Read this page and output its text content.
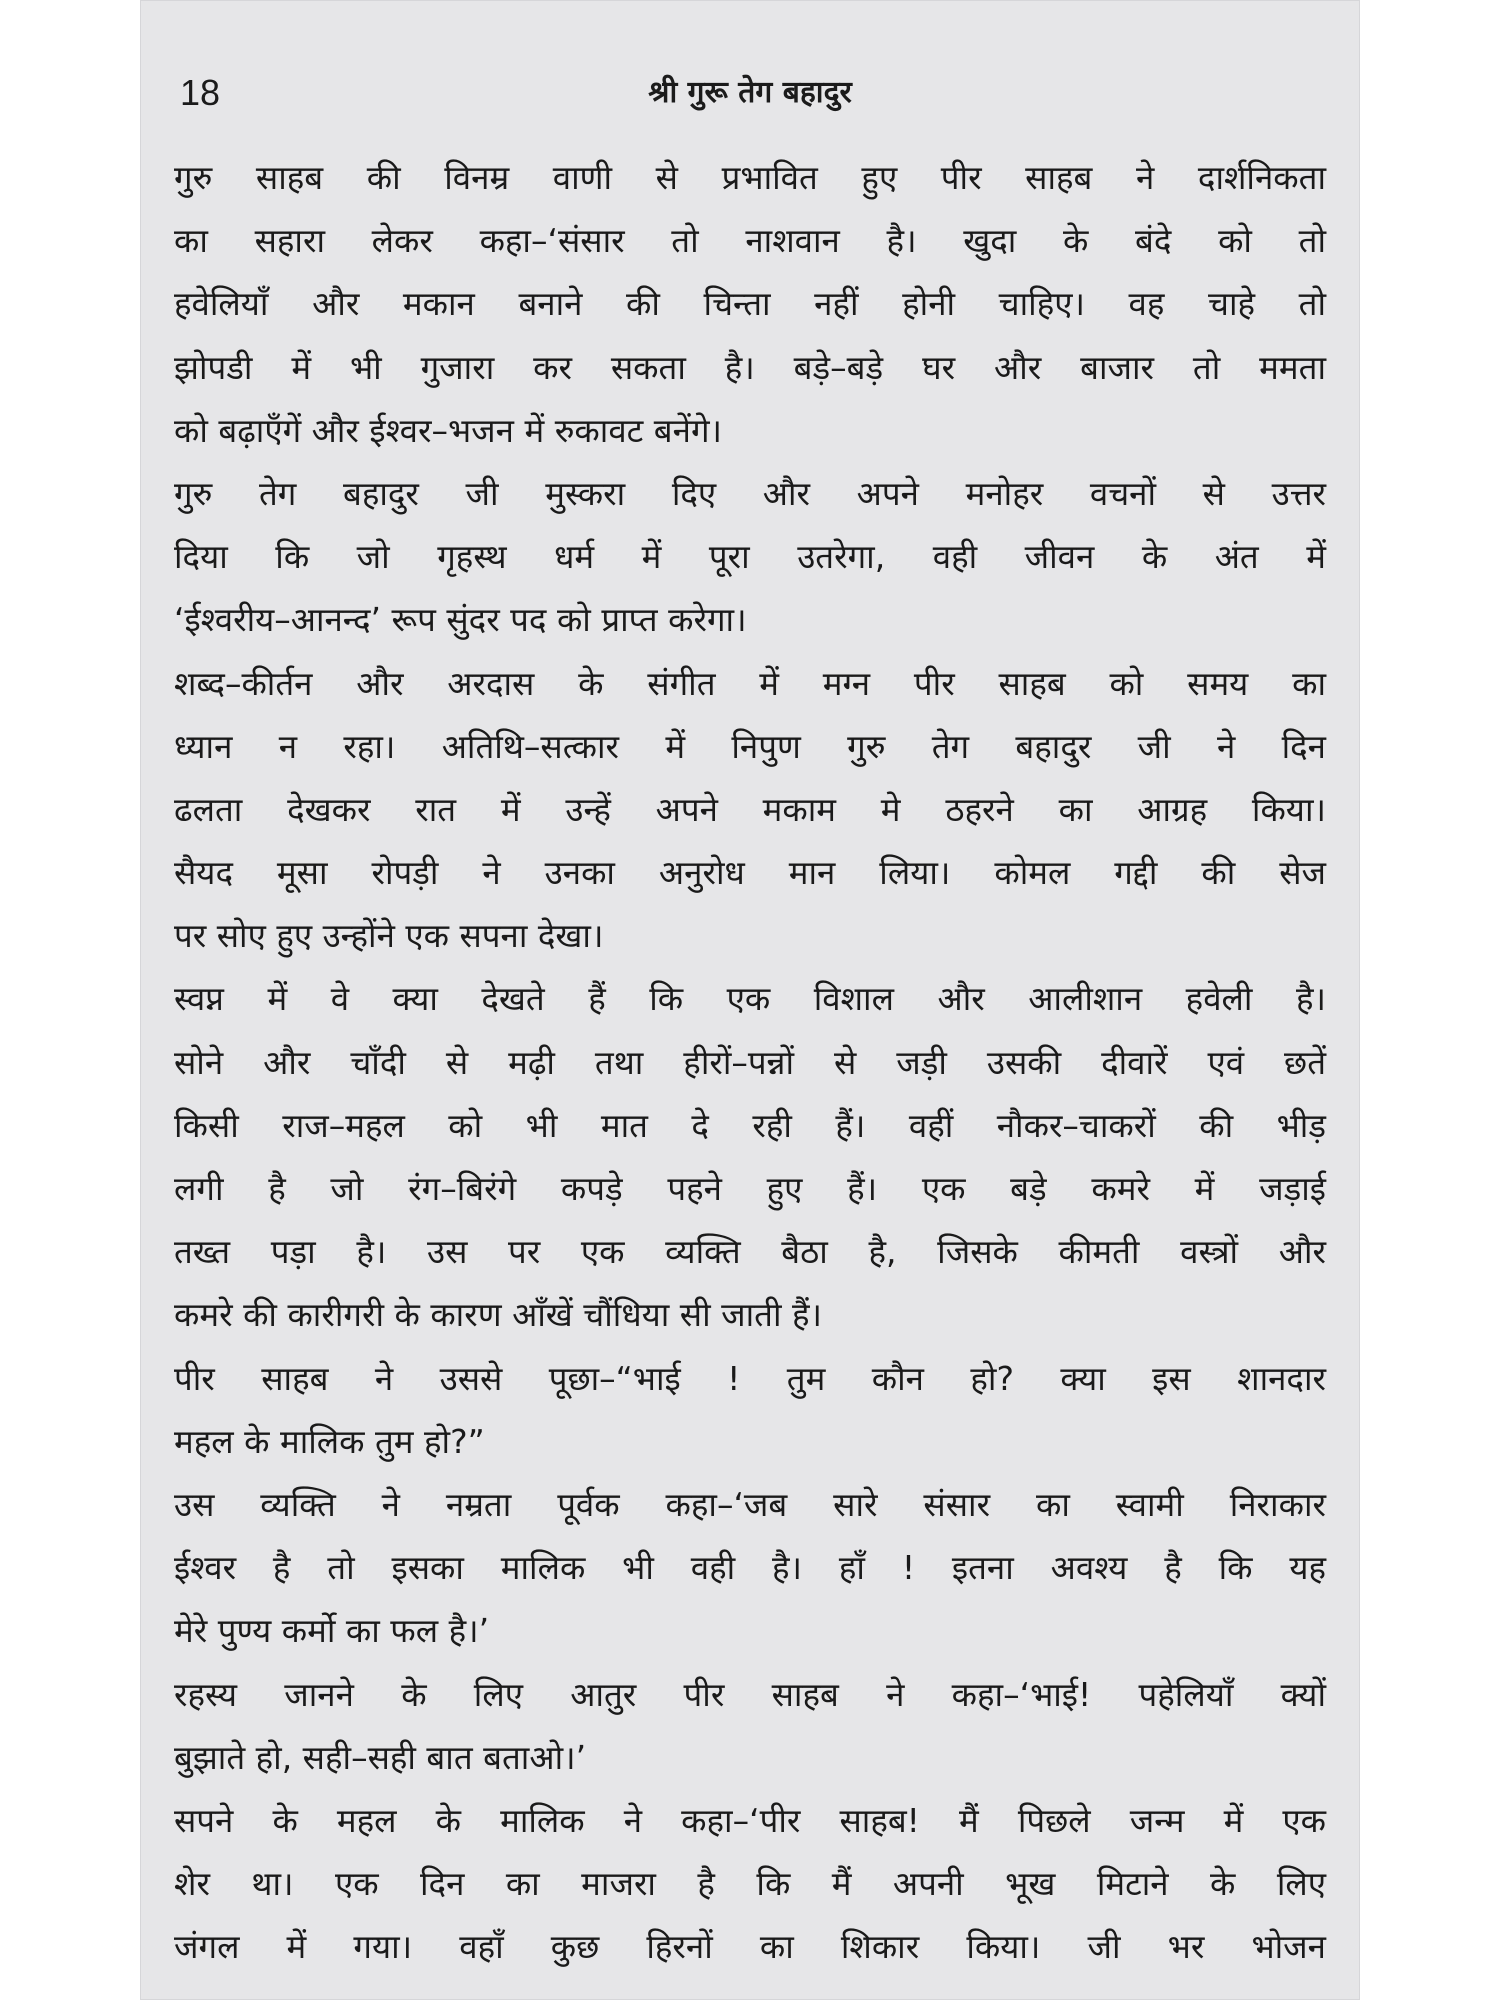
18	श्री गुरू तेग बहादुर
गुरु साहब की विनम्र वाणी से प्रभावित हुए पीर साहब ने दार्शनिकता
का सहारा लेकर कहा–‘संसार तो नाशवान है। खुदा के बंदे को तो
हवेलियाँ और मकान बनाने की चिन्ता नहीं होनी चाहिए। वह चाहे तो
झोपडी में भी गुजारा कर सकता है। बड़े–बड़े घर और बाजार तो ममता
को बढ़ाएँगें और ईश्वर–भजन में रुकावट बनेंगे।
गुरु तेग बहादुर जी मुस्करा दिए और अपने मनोहर वचनों से उत्तर
दिया कि जो गृहस्थ धर्म में पूरा उतरेगा, वही जीवन के अंत में
‘ईश्वरीय–आनन्द’ रूप सुंदर पद को प्राप्त करेगा।
शब्द–कीर्तन और अरदास के संगीत में मग्न पीर साहब को समय का
ध्यान न रहा। अतिथि–सत्कार में निपुण गुरु तेग बहादुर जी ने दिन
ढलता देखकर रात में उन्हें अपने मकाम मे ठहरने का आग्रह किया।
सैयद मूसा रोपड़ी ने उनका अनुरोध मान लिया। कोमल गद्दी की सेज
पर सोए हुए उन्होंने एक सपना देखा।
स्वप्न में वे क्या देखते हैं कि एक विशाल और आलीशान हवेली है।
सोने और चाँदी से मढ़ी तथा हीरों–पन्नों से जड़ी उसकी दीवारें एवं छतें
किसी राज–महल को भी मात दे रही हैं। वहीं नौकर–चाकरों की भीड़
लगी है जो रंग–बिरंगे कपड़े पहने हुए हैं। एक बड़े कमरे में जड़ाई
तख्त पड़ा है। उस पर एक व्यक्ति बैठा है, जिसके कीमती वस्त्रों और
कमरे की कारीगरी के कारण आँखें चौंधिया सी जाती हैं।
पीर साहब ने उससे पूछा–“भाई ! तुम कौन हो? क्या इस शानदार
महल के मालिक तुम हो?”
उस व्यक्ति ने नम्रता पूर्वक कहा–‘जब सारे संसार का स्वामी निराकार
ईश्वर है तो इसका मालिक भी वही है। हाँ ! इतना अवश्य है कि यह
मेरे पुण्य कर्मो का फल है।’
रहस्य जानने के लिए आतुर पीर साहब ने कहा–‘भाई! पहेलियाँ क्यों
बुझाते हो, सही–सही बात बताओ।’
सपने के महल के मालिक ने कहा–‘पीर साहब! मैं पिछले जन्म में एक
शेर था। एक दिन का माजरा है कि मैं अपनी भूख मिटाने के लिए
जंगल में गया। वहाँ कुछ हिरनों का शिकार किया। जी भर भोजन
